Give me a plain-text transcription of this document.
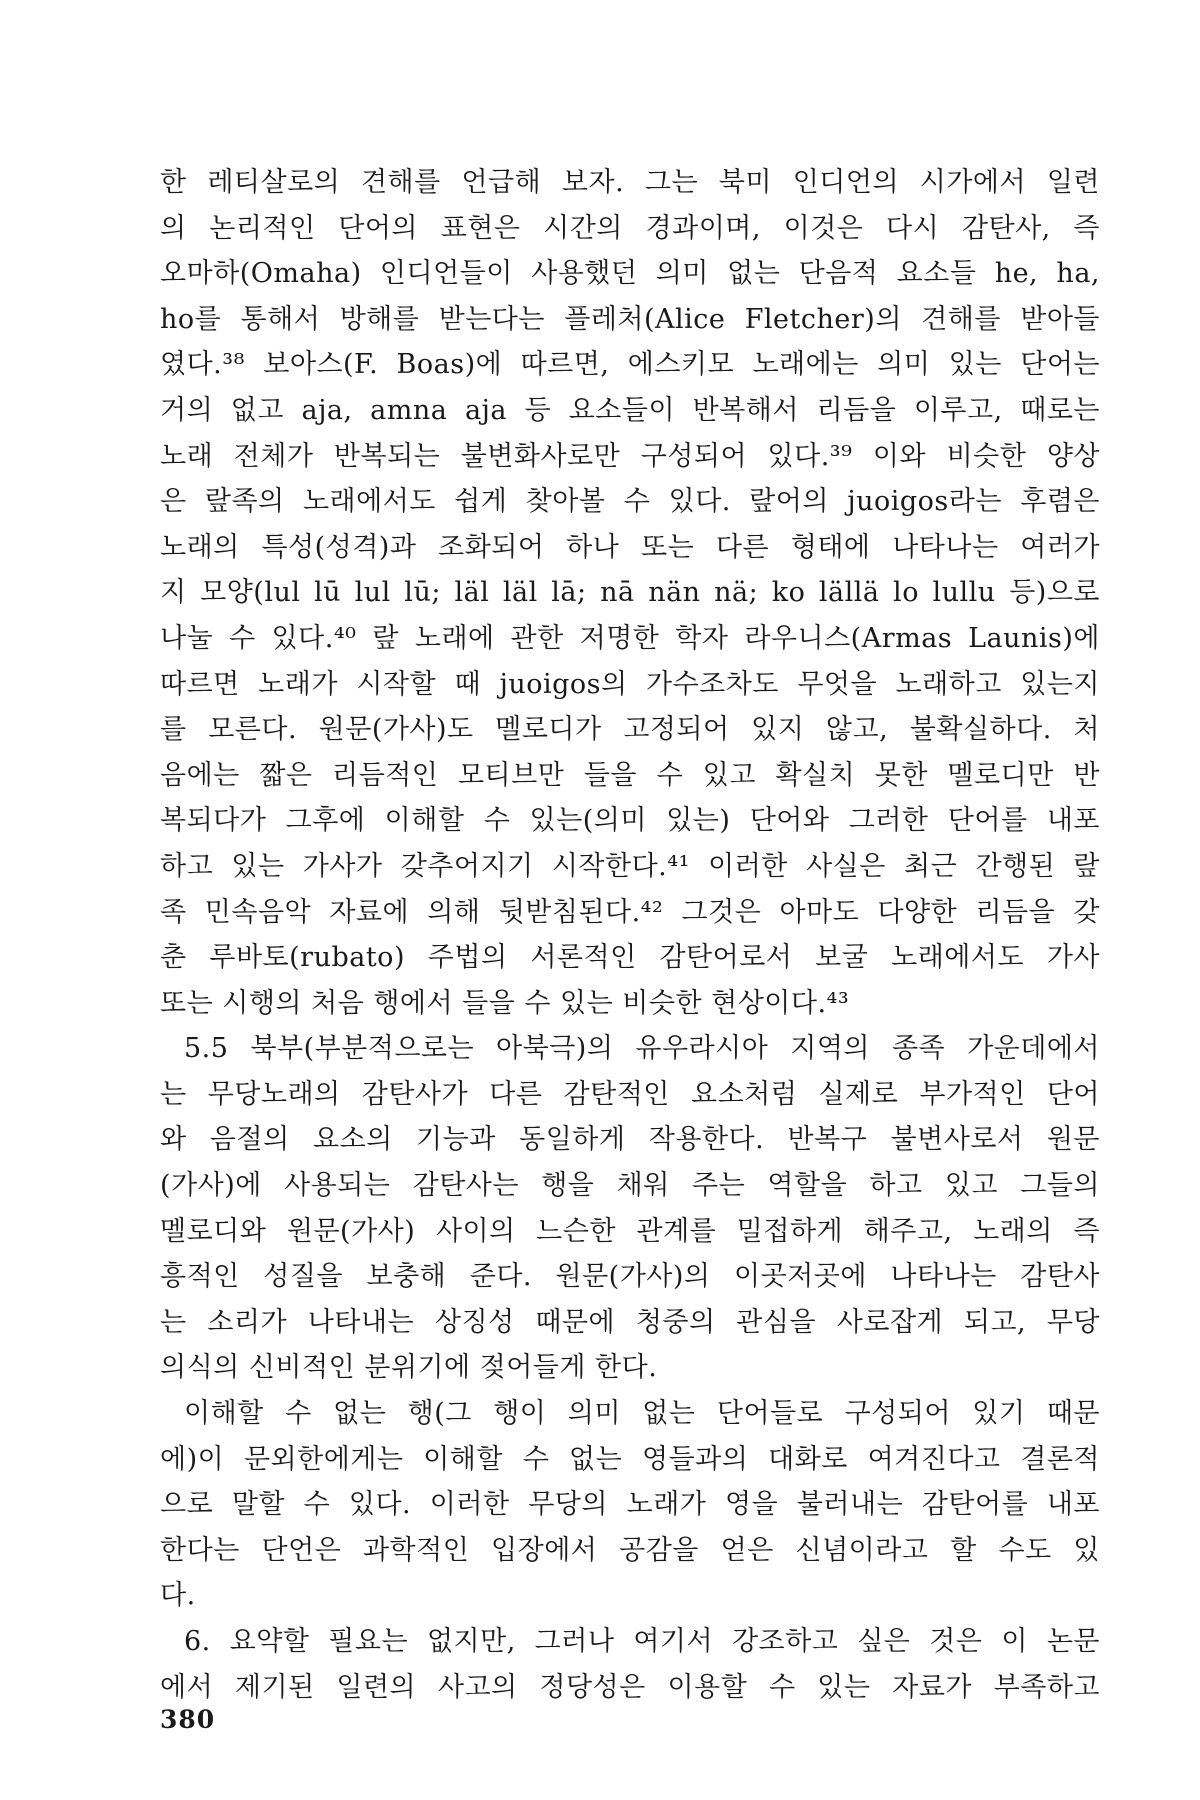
한 레티살로의 견해를 언급해 보자. 그는 북미 인디언의 시가에서 일련
의 논리적인 단어의 표현은 시간의 경과이며, 이것은 다시 감탄사, 즉
오마하(Omaha) 인디언들이 사용했던 의미 없는 단음적 요소들 he, ha,
ho를 통해서 방해를 받는다는 플레처(Alice Fletcher)의 견해를 받아들
였다.³⁸ 보아스(F. Boas)에 따르면, 에스키모 노래에는 의미 있는 단어는
거의 없고 aja, amna aja 등 요소들이 반복해서 리듬을 이루고, 때로는
노래 전체가 반복되는 불변화사로만 구성되어 있다.³⁹ 이와 비슷한 양상
은 랖족의 노래에서도 쉽게 찾아볼 수 있다. 랖어의 juoigos라는 후렴은
노래의 특성(성격)과 조화되어 하나 또는 다른 형태에 나타나는 여러가
지 모양(lul lū lul lū; läl läl lā; nā nän nä; ko lällä lo lullu 등)으로
나눌 수 있다.⁴⁰ 랖 노래에 관한 저명한 학자 라우니스(Armas Launis)에
따르면 노래가 시작할 때 juoigos의 가수조차도 무엇을 노래하고 있는지
를 모른다. 원문(가사)도 멜로디가 고정되어 있지 않고, 불확실하다. 처
음에는 짧은 리듬적인 모티브만 들을 수 있고 확실치 못한 멜로디만 반
복되다가 그후에 이해할 수 있는(의미 있는) 단어와 그러한 단어를 내포
하고 있는 가사가 갖추어지기 시작한다.⁴¹ 이러한 사실은 최근 간행된 랖
족 민속음악 자료에 의해 뒷받침된다.⁴² 그것은 아마도 다양한 리듬을 갖
춘 루바토(rubato) 주법의 서론적인 감탄어로서 보굴 노래에서도 가사
또는 시행의 처음 행에서 들을 수 있는 비슷한 현상이다.⁴³
5.5 북부(부분적으로는 아북극)의 유우라시아 지역의 종족 가운데에서
는 무당노래의 감탄사가 다른 감탄적인 요소처럼 실제로 부가적인 단어
와 음절의 요소의 기능과 동일하게 작용한다. 반복구 불변사로서 원문
(가사)에 사용되는 감탄사는 행을 채워 주는 역할을 하고 있고 그들의
멜로디와 원문(가사) 사이의 느슨한 관계를 밀접하게 해주고, 노래의 즉
흥적인 성질을 보충해 준다. 원문(가사)의 이곳저곳에 나타나는 감탄사
는 소리가 나타내는 상징성 때문에 청중의 관심을 사로잡게 되고, 무당
의식의 신비적인 분위기에 젖어들게 한다.
이해할 수 없는 행(그 행이 의미 없는 단어들로 구성되어 있기 때문
에)이 문외한에게는 이해할 수 없는 영들과의 대화로 여겨진다고 결론적
으로 말할 수 있다. 이러한 무당의 노래가 영을 불러내는 감탄어를 내포
한다는 단언은 과학적인 입장에서 공감을 얻은 신념이라고 할 수도 있
다.
6. 요약할 필요는 없지만, 그러나 여기서 강조하고 싶은 것은 이 논문
에서 제기된 일련의 사고의 정당성은 이용할 수 있는 자료가 부족하고
380
